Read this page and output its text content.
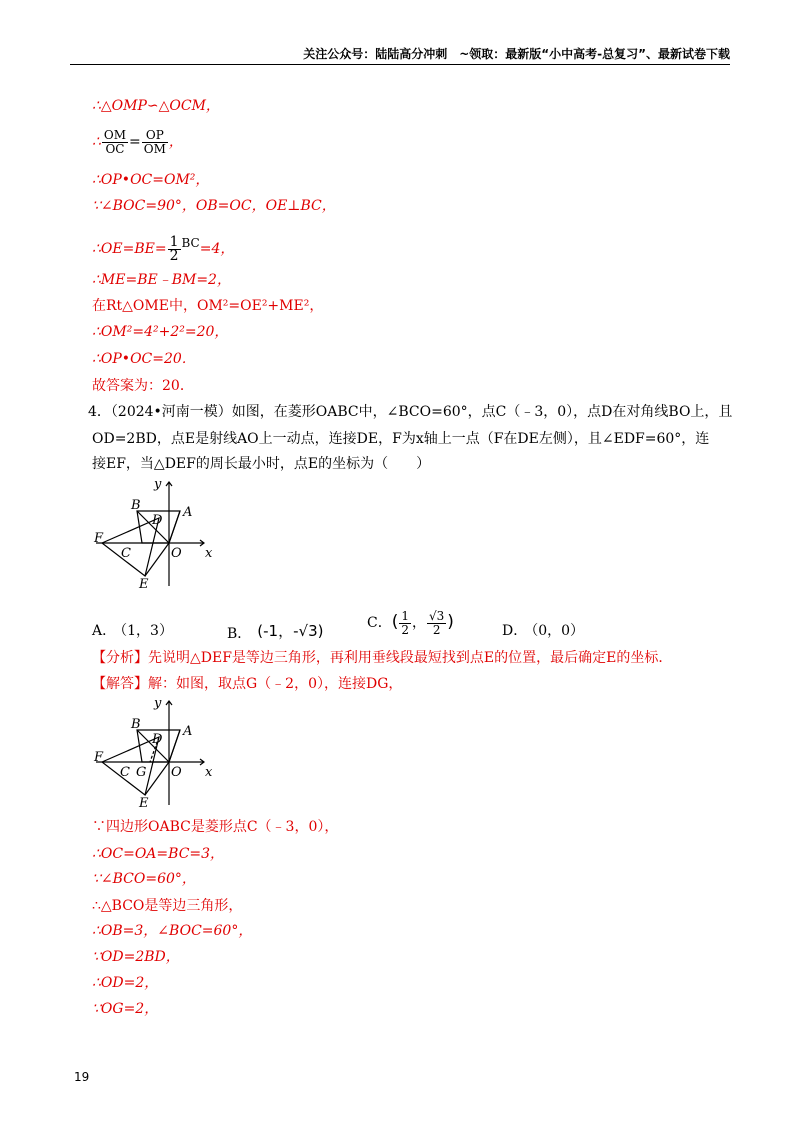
关注公众号：陆陆高分冲刺　~领取：最新版“小中高考-总复习”、最新试卷下载
∴△OMP∽△OCM，
∴ $\frac{OM}{OC} = \frac{OP}{OM}$ ，
∴OP•OC=OM²，
∵∠BOC=90°，OB=OC，OE⊥BC，
∴OE=BE= $\frac{1}{2} BC=4$，
∴ME=BE﹣BM=2，
在Rt△OME中，OM²=OE²+ME²，
∴OM²=4²+2²=20，
∴OP•OC=20．
故答案为：20．
4．（2024•河南一模）如图，在菱形OABC中，∠BCO=60°，点C（﹣3，0），点D在对角线BO上，且
OD=2BD，点E是射线AO上一动点，连接DE，F为x轴上一点（F在DE左侧），且∠EDF=60°，连
接EF，当△DEF的周长最小时，点E的坐标为（　　）
y
x
B	A
D
F
C	O
E
A． （1，3）	B． (-1，-√3)	C．( $\frac{1}{2}$ ， $\frac{√3}{2}$ )	D． （0，0）
【分析】先说明△DEF是等边三角形，再利用垂线段最短找到点E的位置，最后确定E的坐标．
【解答】解：如图，取点G（﹣2，0），连接DG，
y
x
B	A
D
F
C G O
E
∵四边形OABC是菱形点C（﹣3，0），
∴OC=OA=BC=3，
∵∠BCO=60°，
∴△BCO是等边三角形，
∴OB=3，∠BOC=60°，
∵OD=2BD，
∴OD=2，
∵OG=2，
19
